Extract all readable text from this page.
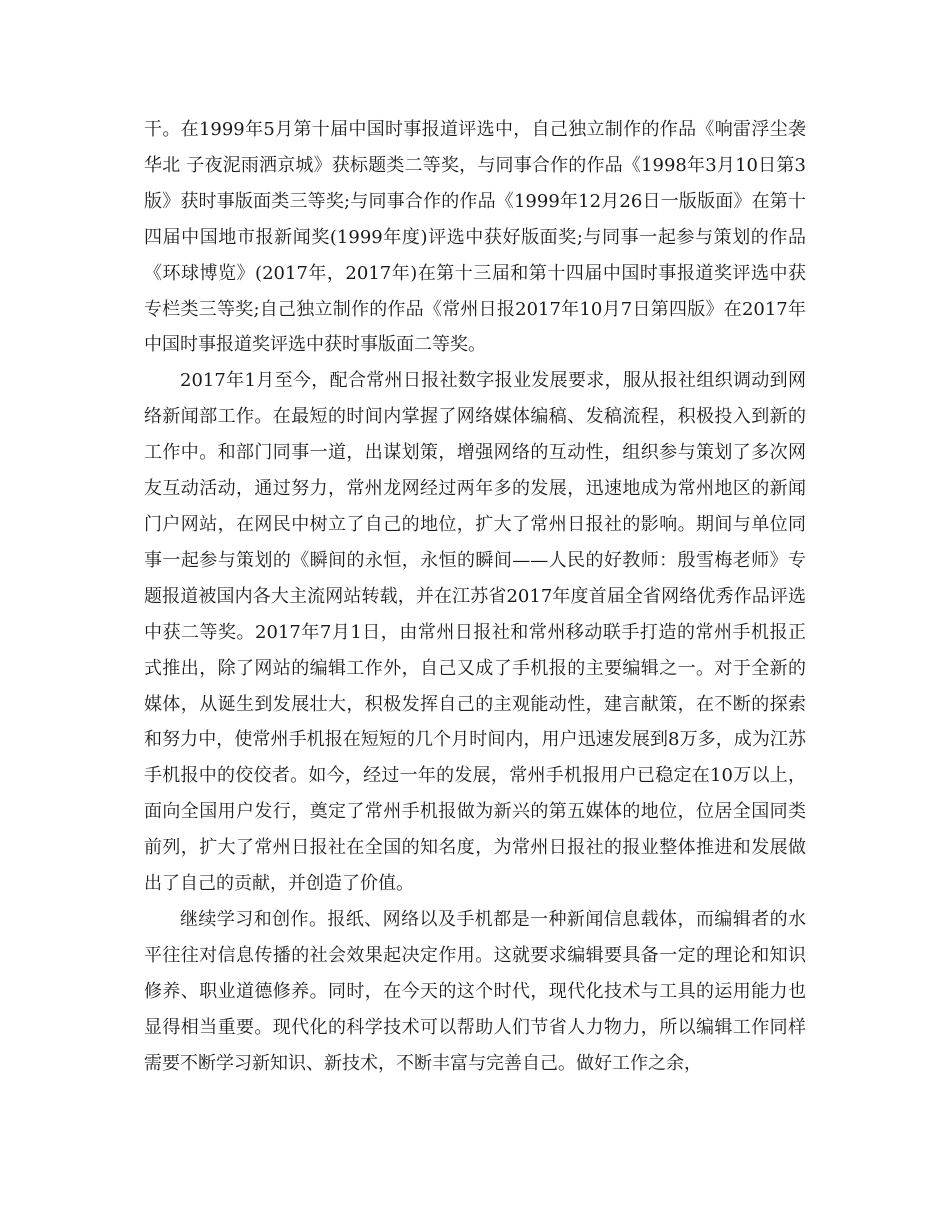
干。在1999年5月第十届中国时事报道评选中，自己独立制作的作品《响雷浮尘袭华北 子夜泥雨洒京城》获标题类二等奖，与同事合作的作品《1998年3月10日第3版》获时事版面类三等奖;与同事合作的作品《1999年12月26日一版版面》在第十四届中国地市报新闻奖(1999年度)评选中获好版面奖;与同事一起参与策划的作品《环球博览》(2017年，2017年)在第十三届和第十四届中国时事报道奖评选中获专栏类三等奖;自己独立制作的作品《常州日报2017年10月7日第四版》在2017年中国时事报道奖评选中获时事版面二等奖。

2017年1月至今，配合常州日报社数字报业发展要求，服从报社组织调动到网络新闻部工作。在最短的时间内掌握了网络媒体编稿、发稿流程，积极投入到新的工作中。和部门同事一道，出谋划策，增强网络的互动性，组织参与策划了多次网友互动活动，通过努力，常州龙网经过两年多的发展，迅速地成为常州地区的新闻门户网站，在网民中树立了自己的地位，扩大了常州日报社的影响。期间与单位同事一起参与策划的《瞬间的永恒，永恒的瞬间——人民的好教师：殷雪梅老师》专题报道被国内各大主流网站转载，并在江苏省2017年度首届全省网络优秀作品评选中获二等奖。2017年7月1日，由常州日报社和常州移动联手打造的常州手机报正式推出，除了网站的编辑工作外，自己又成了手机报的主要编辑之一。对于全新的媒体，从诞生到发展壮大，积极发挥自己的主观能动性，建言献策，在不断的探索和努力中，使常州手机报在短短的几个月时间内，用户迅速发展到8万多，成为江苏手机报中的佼佼者。如今，经过一年的发展，常州手机报用户已稳定在10万以上，面向全国用户发行，奠定了常州手机报做为新兴的第五媒体的地位，位居全国同类前列，扩大了常州日报社在全国的知名度，为常州日报社的报业整体推进和发展做出了自己的贡献，并创造了价值。

继续学习和创作。报纸、网络以及手机都是一种新闻信息载体，而编辑者的水平往往对信息传播的社会效果起决定作用。这就要求编辑要具备一定的理论和知识修养、职业道德修养。同时，在今天的这个时代，现代化技术与工具的运用能力也显得相当重要。现代化的科学技术可以帮助人们节省人力物力，所以编辑工作同样需要不断学习新知识、新技术，不断丰富与完善自己。做好工作之余，
